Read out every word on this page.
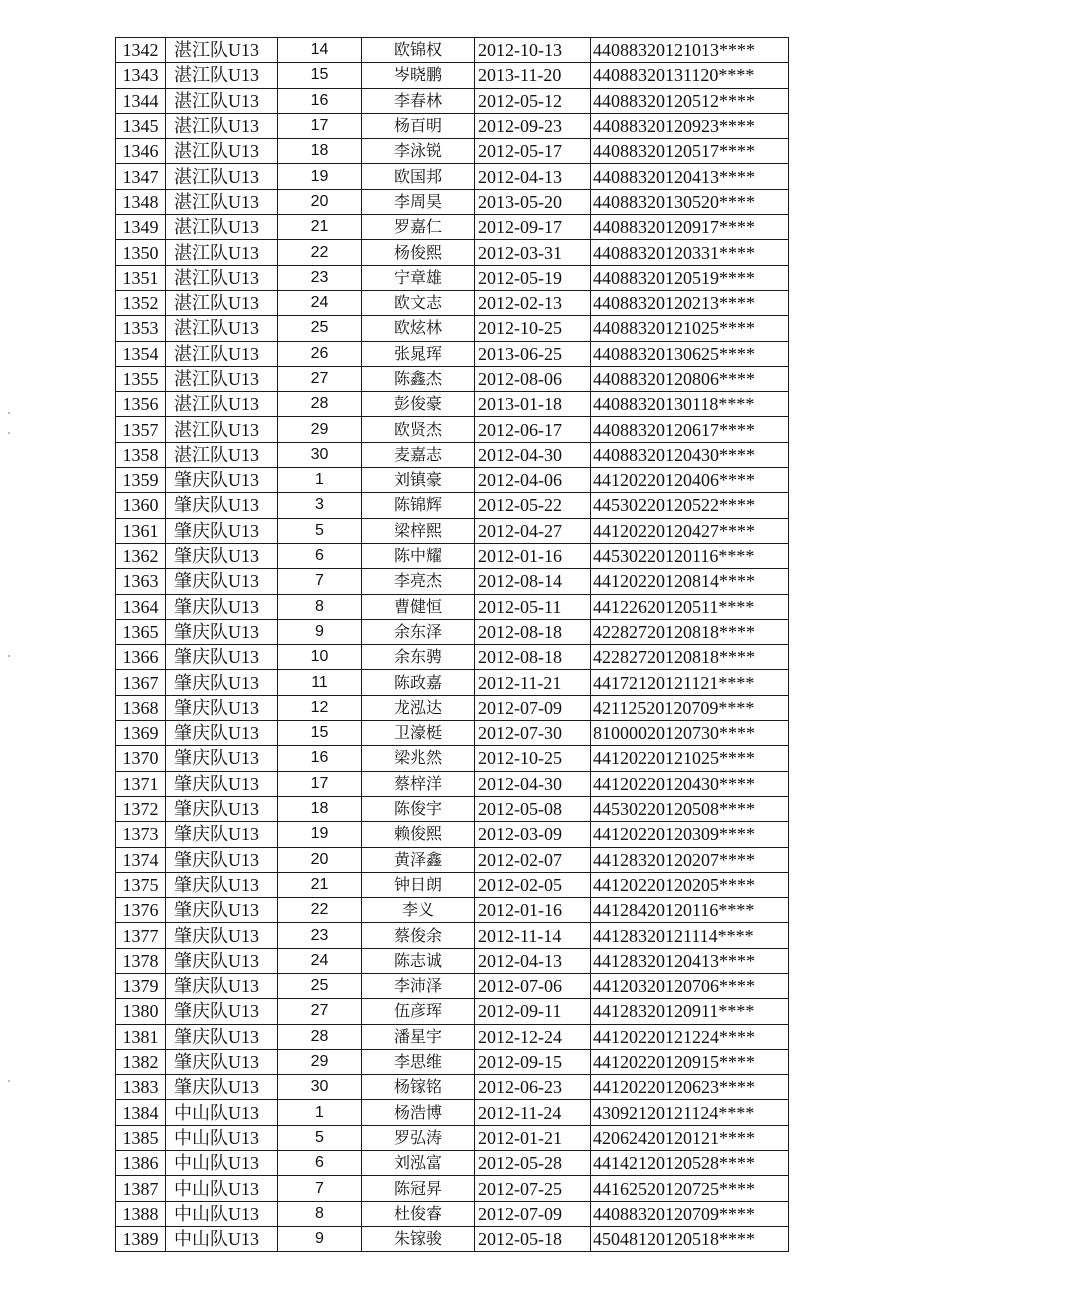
1342	湛江队U13	14	欧锦权	2012-10-13	44088320121013****
1343	湛江队U13	15	岑晓鹏	2013-11-20	44088320131120****
1344	湛江队U13	16	李春林	2012-05-12	44088320120512****
1345	湛江队U13	17	杨百明	2012-09-23	44088320120923****
1346	湛江队U13	18	李泳锐	2012-05-17	44088320120517****
1347	湛江队U13	19	欧国邦	2012-04-13	44088320120413****
1348	湛江队U13	20	李周昊	2013-05-20	44088320130520****
1349	湛江队U13	21	罗嘉仁	2012-09-17	44088320120917****
1350	湛江队U13	22	杨俊熙	2012-03-31	44088320120331****
1351	湛江队U13	23	宁章雄	2012-05-19	44088320120519****
1352	湛江队U13	24	欧文志	2012-02-13	44088320120213****
1353	湛江队U13	25	欧炫林	2012-10-25	44088320121025****
1354	湛江队U13	26	张晁珲	2013-06-25	44088320130625****
1355	湛江队U13	27	陈鑫杰	2012-08-06	44088320120806****
1356	湛江队U13	28	彭俊豪	2013-01-18	44088320130118****
1357	湛江队U13	29	欧贤杰	2012-06-17	44088320120617****
1358	湛江队U13	30	麦嘉志	2012-04-30	44088320120430****
1359	肇庆队U13	1	刘镇豪	2012-04-06	44120220120406****
1360	肇庆队U13	3	陈锦辉	2012-05-22	44530220120522****
1361	肇庆队U13	5	梁梓熙	2012-04-27	44120220120427****
1362	肇庆队U13	6	陈中耀	2012-01-16	44530220120116****
1363	肇庆队U13	7	李亮杰	2012-08-14	44120220120814****
1364	肇庆队U13	8	曹健恒	2012-05-11	44122620120511****
1365	肇庆队U13	9	余东泽	2012-08-18	42282720120818****
1366	肇庆队U13	10	余东骋	2012-08-18	42282720120818****
1367	肇庆队U13	11	陈政嘉	2012-11-21	44172120121121****
1368	肇庆队U13	12	龙泓达	2012-07-09	42112520120709****
1369	肇庆队U13	15	卫濠梃	2012-07-30	81000020120730****
1370	肇庆队U13	16	梁兆然	2012-10-25	44120220121025****
1371	肇庆队U13	17	蔡梓洋	2012-04-30	44120220120430****
1372	肇庆队U13	18	陈俊宇	2012-05-08	44530220120508****
1373	肇庆队U13	19	赖俊熙	2012-03-09	44120220120309****
1374	肇庆队U13	20	黄泽鑫	2012-02-07	44128320120207****
1375	肇庆队U13	21	钟日朗	2012-02-05	44120220120205****
1376	肇庆队U13	22	李义	2012-01-16	44128420120116****
1377	肇庆队U13	23	蔡俊余	2012-11-14	44128320121114****
1378	肇庆队U13	24	陈志诚	2012-04-13	44128320120413****
1379	肇庆队U13	25	李沛泽	2012-07-06	44120320120706****
1380	肇庆队U13	27	伍彦珲	2012-09-11	44128320120911****
1381	肇庆队U13	28	潘星宇	2012-12-24	44120220121224****
1382	肇庆队U13	29	李思维	2012-09-15	44120220120915****
1383	肇庆队U13	30	杨镓铭	2012-06-23	44120220120623****
1384	中山队U13	1	杨浩博	2012-11-24	43092120121124****
1385	中山队U13	5	罗弘涛	2012-01-21	42062420120121****
1386	中山队U13	6	刘泓富	2012-05-28	44142120120528****
1387	中山队U13	7	陈冠昇	2012-07-25	44162520120725****
1388	中山队U13	8	杜俊睿	2012-07-09	44088320120709****
1389	中山队U13	9	朱镓骏	2012-05-18	45048120120518****
